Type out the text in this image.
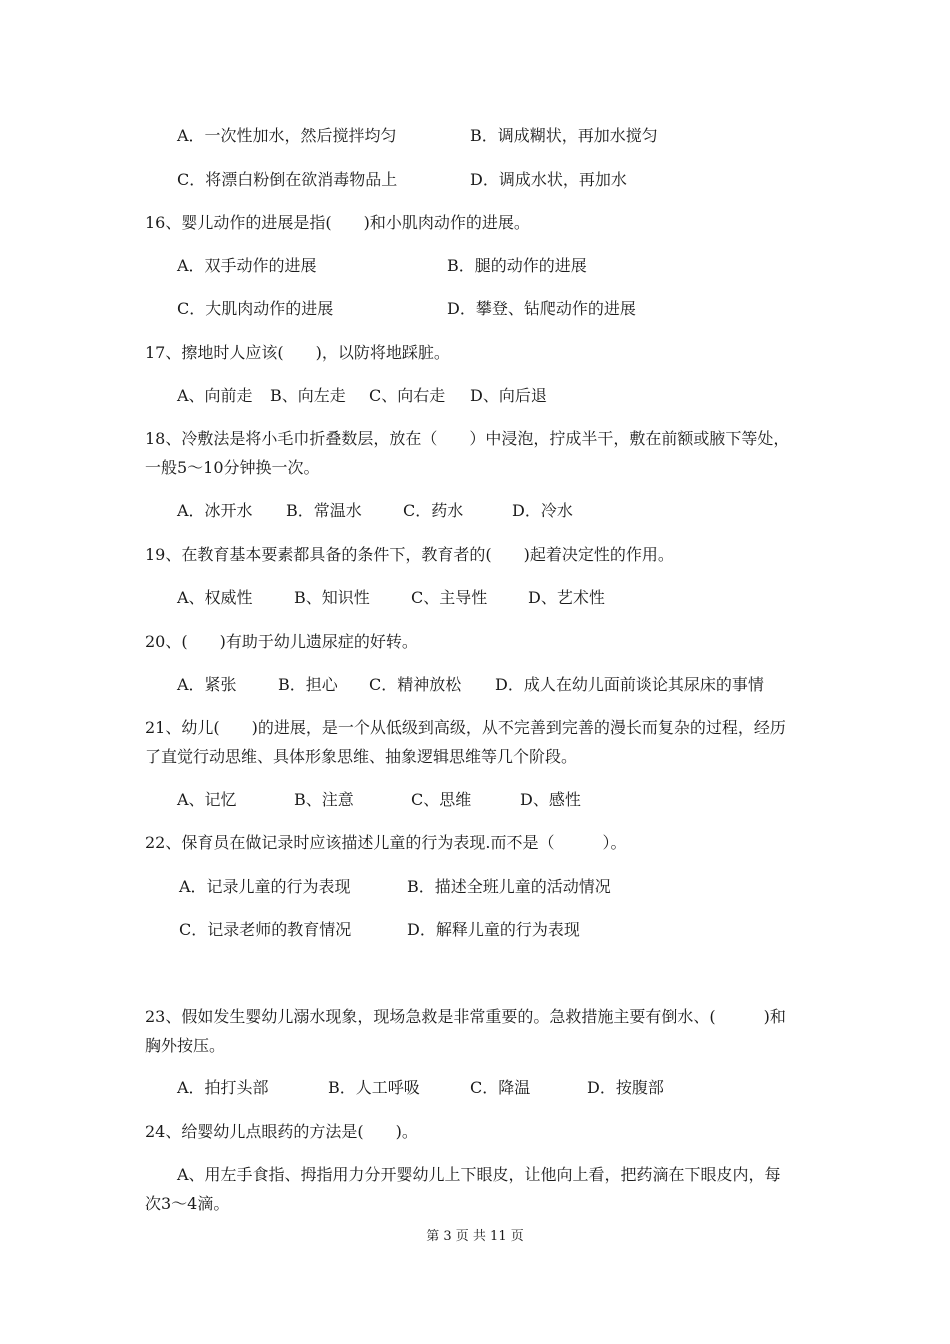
A．一次性加水，然后搅拌均匀	B．调成糊状，再加水搅匀
C．将漂白粉倒在欲消毒物品上	D．调成水状，再加水
16、婴儿动作的进展是指(　　)和小肌肉动作的进展。
A．双手动作的进展	B．腿的动作的进展
C．大肌肉动作的进展	D．攀登、钻爬动作的进展
17、擦地时人应该(　　)，以防将地踩脏。
A、向前走 B、向左走 C、向右走 D、向后退
18、冷敷法是将小毛巾折叠数层，放在（　　）中浸泡，拧成半干，敷在前额或腋下等处，
一般5～10分钟换一次。
A．冰开水 B．常温水	C．药水	D．冷水
19、在教育基本要素都具备的条件下，教育者的(　　)起着决定性的作用。
A、权威性	B、知识性	C、主导性	D、艺术性
20、(　　)有助于幼儿遗尿症的好转。
A．紧张	B．担心 C．精神放松 D．成人在幼儿面前谈论其尿床的事情
21、幼儿(　　)的进展，是一个从低级到高级，从不完善到完善的漫长而复杂的过程，经历
了直觉行动思维、具体形象思维、抽象逻辑思维等几个阶段。
A、记忆	B、注意	C、思维	D、感性
22、保育员在做记录时应该描述儿童的行为表现.而不是（　　　）。
A．记录儿童的行为表现	B．描述全班儿童的活动情况
C．记录老师的教育情况	D．解释儿童的行为表现
23、假如发生婴幼儿溺水现象，现场急救是非常重要的。急救措施主要有倒水、(　　　)和
胸外按压。
A．拍打头部	B．人工呼吸	C．降温	D．按腹部
24、给婴幼儿点眼药的方法是(　　)。
A、用左手食指、拇指用力分开婴幼儿上下眼皮，让他向上看，把药滴在下眼皮内，每
次3～4滴。
第 3 页 共 11 页
